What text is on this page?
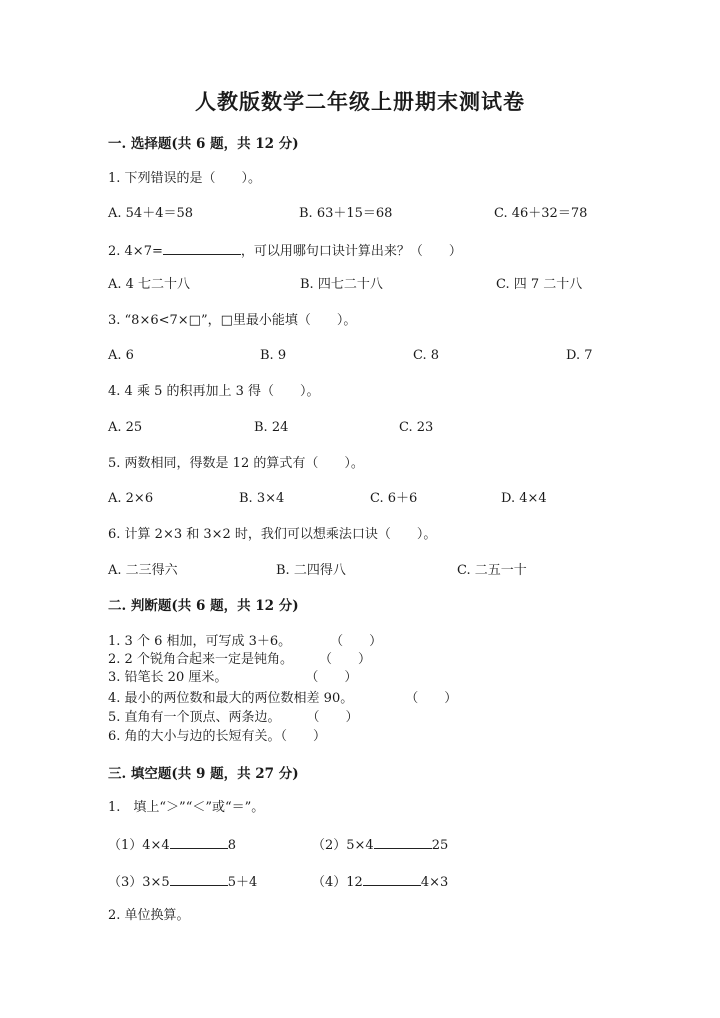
人教版数学二年级上册期末测试卷
一. 选择题(共 6 题，共 12 分)
1. 下列错误的是（　　）。
A. 54＋4＝58	B. 63＋15＝68	C. 46＋32＝78
2. 4×7=	，可以用哪句口诀计算出来？（　　）
A. 4 七二十八	B. 四七二十八	C. 四 7 二十八
3. “8×6<7×□”，□里最小能填（　　）。
A. 6	B. 9	C. 8	D. 7
4. 4 乘 5 的积再加上 3 得（　　）。
A. 25	B. 24	C. 23
5. 两数相同，得数是 12 的算式有（　　）。
A. 2×6	B. 3×4	C. 6＋6	D. 4×4
6. 计算 2×3 和 3×2 时，我们可以想乘法口诀（　　）。
A. 二三得六	B. 二四得八	C. 二五一十
二. 判断题(共 6 题，共 12 分)
1. 3 个 6 相加，可写成 3＋6。　　　　（　　）
2. 2 个锐角合起来一定是钝角。　　　（　　）
3. 铅笔长 20 厘米。　　　　　　　（　　）
4. 最小的两位数和最大的两位数相差 90。　　　　　（　　）
5. 直角有一个顶点、两条边。　　　（　　）
6. 角的大小与边的长短有关。（　　）
三. 填空题(共 9 题，共 27 分)
1.　填上“＞”“＜”或“＝”。
（1）4×4	8	（2）5×4	25
（3）3×5	5＋4	（4）12	4×3
2. 单位换算。
